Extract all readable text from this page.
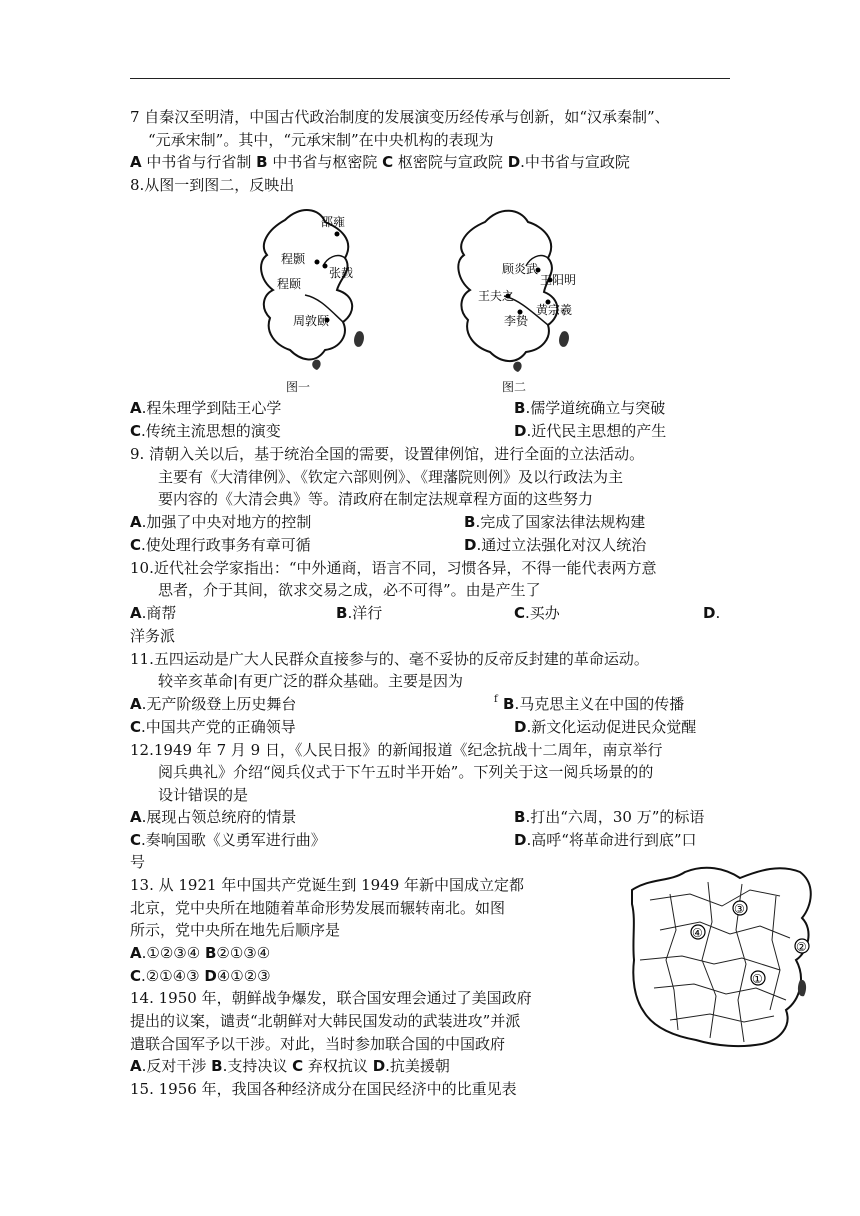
7 自秦汉至明清，中国古代政治制度的发展演变历经传承与创新，如“汉承秦制”、
“元承宋制”。其中，“元承宋制”在中央机构的表现为
A 中书省与行省制 B 中书省与枢密院 C 枢密院与宣政院 D.中书省与宣政院
8.从图一到图二，反映出
邵雍
程颢
张载
程颐
周敦颐
图一
顾炎武
王阳明
王夫之
黄宗羲
李贽
图二
A.程朱理学到陆王心学	B.儒学道统确立与突破
C.传统主流思想的演变	D.近代民主思想的产生
9. 清朝入关以后，基于统治全国的需要，设置律例馆，进行全面的立法活动。
主要有《大清律例》、《钦定六部则例》、《理藩院则例》及以行政法为主
要内容的《大清会典》等。清政府在制定法规章程方面的这些努力
A.加强了中央对地方的控制	B.完成了国家法律法规构建
C.使处理行政事务有章可循	D.通过立法强化对汉人统治
10.近代社会学家指出：“中外通商，语言不同，习惯各异，不得一能代表两方意
思者，介于其间，欲求交易之成，必不可得”。由是产生了
A.商帮	B.洋行	C.买办	D.
洋务派
11.五四运动是广大人民群众直接参与的、毫不妥协的反帝反封建的革命运动。
较辛亥革命|有更广泛的群众基础。主要是因为
A.无产阶级登上历史舞台	f B.马克思主义在中国的传播
C.中国共产党的正确领导	D.新文化运动促进民众觉醒
12.1949 年 7 月 9 日，《人民日报》的新闻报道《纪念抗战十二周年，南京举行
阅兵典礼》介绍“阅兵仪式于下午五时半开始”。下列关于这一阅兵场景的的
设计错误的是
A.展现占领总统府的情景	B.打出“六周，30 万”的标语
C.奏响国歌《义勇军进行曲》	D.高呼“将革命进行到底”口
号
13. 从 1921 年中国共产党诞生到 1949 年新中国成立定都
北京，党中央所在地随着革命形势发展而辗转南北。如图
所示，党中央所在地先后顺序是
A.①②③④ B②①③④
C.②①④③ D④①②③
③
④
②
①
14. 1950 年，朝鲜战争爆发，联合国安理会通过了美国政府
提出的议案，谴责“北朝鲜对大韩民国发动的武装进攻”并派
遣联合国军予以干涉。对此，当时参加联合国的中国政府
A.反对干涉 B.支持决议 C 弃权抗议 D.抗美援朝
15. 1956 年，我国各种经济成分在国民经济中的比重见表
